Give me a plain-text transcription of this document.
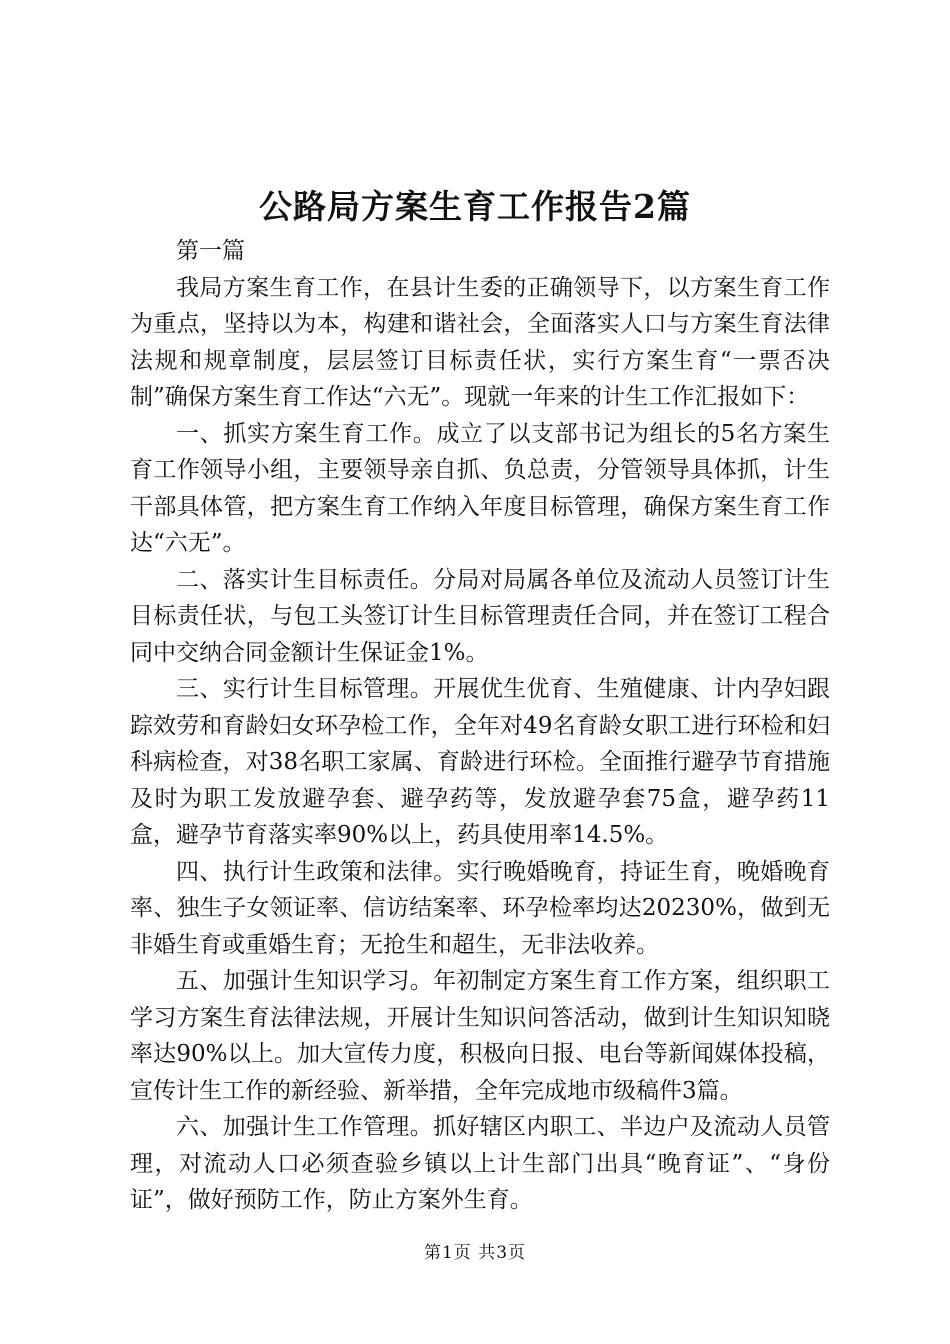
公路局方案生育工作报告2篇

第一篇

我局方案生育工作，在县计生委的正确领导下，以方案生育工作为重点，坚持以为本，构建和谐社会，全面落实人口与方案生育法律法规和规章制度，层层签订目标责任状，实行方案生育“一票否决制”确保方案生育工作达“六无”。现就一年来的计生工作汇报如下：

一、抓实方案生育工作。成立了以支部书记为组长的5名方案生育工作领导小组，主要领导亲自抓、负总责，分管领导具体抓，计生干部具体管，把方案生育工作纳入年度目标管理，确保方案生育工作达“六无”。

二、落实计生目标责任。分局对局属各单位及流动人员签订计生目标责任状，与包工头签订计生目标管理责任合同，并在签订工程合同中交纳合同金额计生保证金1%。

三、实行计生目标管理。开展优生优育、生殖健康、计内孕妇跟踪效劳和育龄妇女环孕检工作，全年对49名育龄女职工进行环检和妇科病检查，对38名职工家属、育龄进行环检。全面推行避孕节育措施及时为职工发放避孕套、避孕药等，发放避孕套75盒，避孕药11盒，避孕节育落实率90%以上，药具使用率14.5%。

四、执行计生政策和法律。实行晚婚晚育，持证生育，晚婚晚育率、独生子女领证率、信访结案率、环孕检率均达20230%，做到无非婚生育或重婚生育；无抢生和超生，无非法收养。

五、加强计生知识学习。年初制定方案生育工作方案，组织职工学习方案生育法律法规，开展计生知识问答活动，做到计生知识知晓率达90%以上。加大宣传力度，积极向日报、电台等新闻媒体投稿，宣传计生工作的新经验、新举措，全年完成地市级稿件3篇。

六、加强计生工作管理。抓好辖区内职工、半边户及流动人员管理，对流动人口必须查验乡镇以上计生部门出具“晚育证”、“身份证”，做好预防工作，防止方案外生育。

第1页 共3页
